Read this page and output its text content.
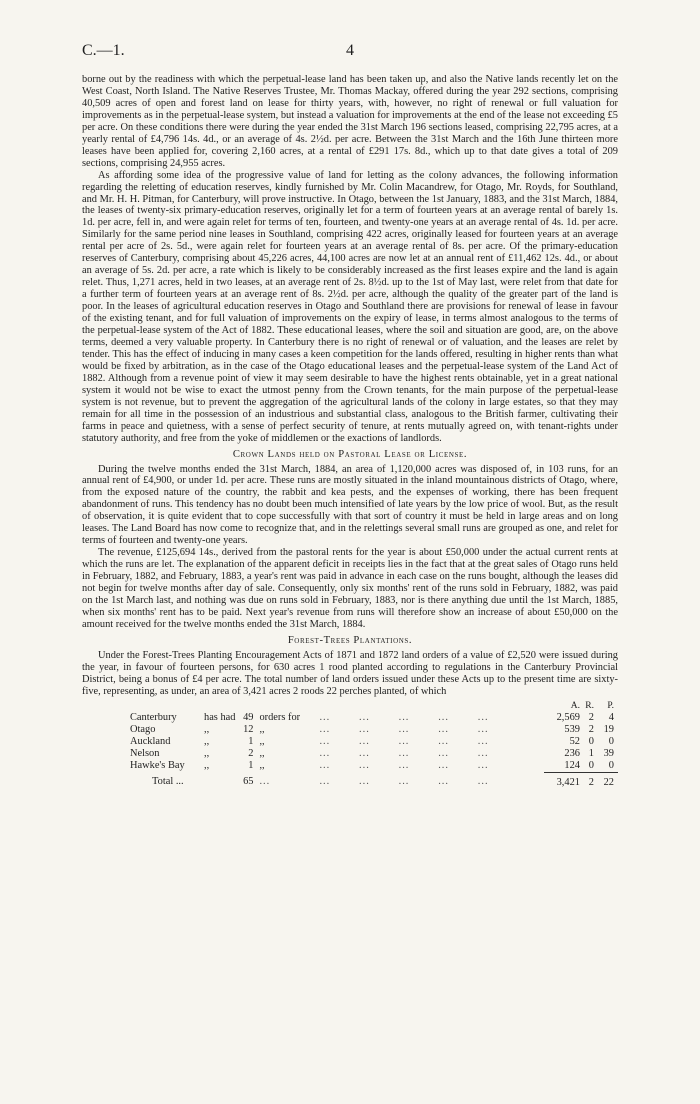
C.—1.	4

borne out by the readiness with which the perpetual-lease land has been taken up, and also the Native lands recently let on the West Coast, North Island. The Native Reserves Trustee, Mr. Thomas Mackay, offered during the year 292 sections, comprising 40,509 acres of open and forest land on lease for thirty years, with, however, no right of renewal or full valuation for improvements as in the perpetual-lease system, but instead a valuation for improvements at the end of the lease not exceeding £5 per acre. On these conditions there were during the year ended the 31st March 196 sections leased, comprising 22,795 acres, at a yearly rental of £4,796 14s. 4d., or an average of 4s. 2½d. per acre. Between the 31st March and the 16th June thirteen more leases have been applied for, covering 2,160 acres, at a rental of £291 17s. 8d., which up to that date gives a total of 209 sections, comprising 24,955 acres.

As affording some idea of the progressive value of land for letting as the colony advances, the following information regarding the reletting of education reserves, kindly furnished by Mr. Colin Macandrew, for Otago, Mr. Royds, for Southland, and Mr. H. H. Pitman, for Canterbury, will prove instructive. In Otago, between the 1st January, 1883, and the 31st March, 1884, the leases of twenty-six primary-education reserves, originally let for a term of fourteen years at an average rental of barely 1s. 1d. per acre, fell in, and were again relet for terms of ten, fourteen, and twenty-one years at an average rental of 4s. 1d. per acre. Similarly for the same period nine leases in Southland, comprising 422 acres, originally leased for fourteen years at an average rental per acre of 2s. 5d., were again relet for fourteen years at an average rental of 8s. per acre. Of the primary-education reserves of Canterbury, comprising about 45,226 acres, 44,100 acres are now let at an annual rent of £11,462 12s. 4d., or about an average of 5s. 2d. per acre, a rate which is likely to be considerably increased as the first leases expire and the land is again relet. Thus, 1,271 acres, held in two leases, at an average rent of 2s. 8½d. up to the 1st of May last, were relet from that date for a further term of fourteen years at an average rent of 8s. 2½d. per acre, although the quality of the greater part of the land is poor. In the leases of agricultural education reserves in Otago and Southland there are provisions for renewal of lease in favour of the existing tenant, and for full valuation of improvements on the expiry of lease, in terms almost analogous to the terms of the perpetual-lease system of the Act of 1882. These educational leases, where the soil and situation are good, are, on the above terms, deemed a very valuable property. In Canterbury there is no right of renewal or of valuation, and the leases are relet by tender. This has the effect of inducing in many cases a keen competition for the lands offered, resulting in higher rents than what would be fixed by arbitration, as in the case of the Otago educational leases and the perpetual-lease system of the Land Act of 1882. Although from a revenue point of view it may seem desirable to have the highest rents obtainable, yet in a great national system it would not be wise to exact the utmost penny from the Crown tenants, for the main purpose of the perpetual-lease system is not revenue, but to prevent the aggregation of the agricultural lands of the colony in large estates, so that they may remain for all time in the possession of an industrious and substantial class, analogous to the British farmer, cultivating their farms in peace and quietness, with a sense of perfect security of tenure, at rents mutually agreed on, with tenant-rights under statutory authority, and free from the yoke of middlemen or the exactions of landlords.

Crown Lands held on Pastoral Lease or License.

During the twelve months ended the 31st March, 1884, an area of 1,120,000 acres was disposed of, in 103 runs, for an annual rent of £4,900, or under 1d. per acre. These runs are mostly situated in the inland mountainous districts of Otago, where, from the exposed nature of the country, the rabbit and kea pests, and the expenses of working, there has been frequent abandonment of runs. This tendency has no doubt been much intensified of late years by the low price of wool. But, as the result of observation, it is quite evident that to cope successfully with that sort of country it must be held in large areas and on long leases. The Land Board has now come to recognize that, and in the relettings several small runs are grouped as one, and relet for terms of fourteen and twenty-one years.

The revenue, £125,694 14s., derived from the pastoral rents for the year is about £50,000 under the actual current rents at which the runs are let. The explanation of the apparent deficit in receipts lies in the fact that at the great sales of Otago runs held in February, 1882, and February, 1883, a year's rent was paid in advance in each case on the runs bought, although the leases did not begin for twelve months after day of sale. Consequently, only six months' rent of the runs sold in February, 1882, was paid on the 1st March last, and nothing was due on runs sold in February, 1883, nor is there anything due until the 1st March, 1885, when six months' rent has to be paid. Next year's revenue from runs will therefore show an increase of about £50,000 on the amount received for the twelve months ended the 31st March, 1884.

Forest-Trees Plantations.

Under the Forest-Trees Planting Encouragement Acts of 1871 and 1872 land orders of a value of £2,520 were issued during the year, in favour of fourteen persons, for 630 acres 1 rood planted according to regulations in the Canterbury Provincial District, being a bonus of £4 per acre. The total number of land orders issued under these Acts up to the present time are sixty-five, representing, as under, an area of 3,421 acres 2 roods 22 perches planted, of which

					A.	R.	P.
Canterbury	has had	49	orders for	... ... ... ... ...	2,569	2	4
Otago	,,	12	,,	... ... ... ... ...	539	2	19
Auckland	,,	1	,,	... ... ... ... ...	52	0	0
Nelson	,,	2	,,	... ... ... ... ...	236	1	39
Hawke's Bay	,,	1	,,	... ... ... ... ...	124	0	0
Total ...		65	...	... ... ... ... ...	3,421	2	22
